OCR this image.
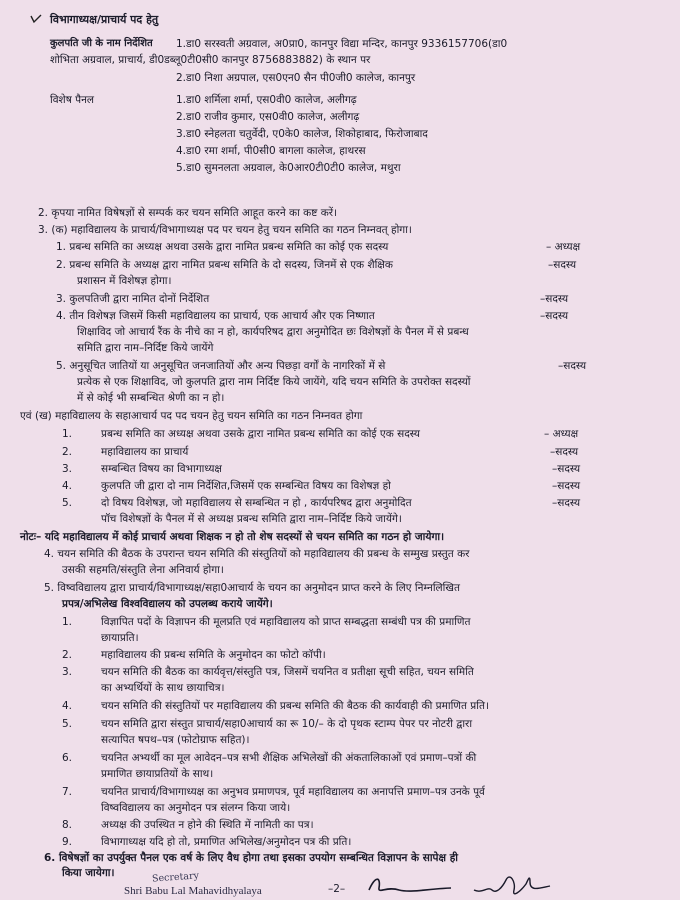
विभागाध्यक्ष/प्राचार्य पद हेतु
कुलपति जी के नाम निर्देशित 1.डा0 सरस्वती अग्रवाल, अ0प्रा0, कानपुर विद्या मन्दिर, कानपुर 9336157706(डा0
शोभिता अग्रवाल, प्राचार्य, डी0डब्लू0टी0सी0 कानपुर 8756883882) के स्थान पर
2.डा0 निशा अग्रपाल, एस0एन0 सैन पी0जी0 कालेज, कानपुर
विशेष पैनल	1.डा0 शर्मिला शर्मा, एस0वी0 कालेज, अलीगढ़
2.डा0 राजीव कुमार, एस0वी0 कालेज, अलीगढ़
3.डा0 स्नेहलता चतुर्वेदी, ए0के0 कालेज, शिकोहाबाद, फिरोजाबाद
4.डा0 रमा शर्मा, पी0सी0 बागला कालेज, हाथरस
5.डा0 सुमनलता अग्रवाल, के0आर0टी0टी0 कालेज, मथुरा
2. कृपया नामित विषेषज्ञों से सम्पर्क कर चयन समिति आहूत करने का कष्ट करें।
3. (क) महाविद्यालय के प्राचार्य/विभागाध्यक्ष पद पर चयन हेतु चयन समिति का गठन निम्नवत् होगा।
1. प्रबन्ध समिति का अध्यक्ष अथवा उसके द्वारा नामित प्रबन्ध समिति का कोई एक सदस्य	– अध्यक्ष
2. प्रबन्ध समिति के अध्यक्ष द्वारा नामित प्रबन्ध समिति के दो सदस्य, जिनमें से एक शैक्षिक	–सदस्य
प्रशासन में विशेषज्ञ होगा।
3. कुलपतिजी द्वारा नामित दोनों निर्देशित	–सदस्य
4. तीन विशेषज्ञ जिसमें किसी महाविद्यालय का प्राचार्य, एक आचार्य और एक निष्णात	–सदस्य
शिक्षाविद जो आचार्य रैंक के नीचे का न हो, कार्यपरिषद द्वारा अनुमोदित छः विशेषज्ञों के पैनल में से प्रबन्ध
समिति द्वारा नाम–निर्दिष्ट किये जायेंगे
5. अनुसूचित जातियों या अनुसूचित जनजातियों और अन्य पिछड़ा वर्गों के नागरिकों में से	–सदस्य
प्रत्येक से एक शिक्षाविद, जो कुलपति द्वारा नाम निर्दिष्ट किये जायेंगे, यदि चयन समिति के उपरोक्त सदस्यों
में से कोई भी सम्बन्धित श्रेणी का न हो।
एवं (ख) महाविद्यालय के सहाआचार्य पद पद चयन हेतु चयन समिति का गठन निम्नवत होगा
1.	प्रबन्ध समिति का अध्यक्ष अथवा उसके द्वारा नामित प्रबन्ध समिति का कोई एक सदस्य	– अध्यक्ष
2.	महाविद्यालय का प्राचार्य	–सदस्य
3.	सम्बन्धित विषय का विभागाध्यक्ष	–सदस्य
4.	कुलपति जी द्वारा दो नाम निर्देशित,जिसमें एक सम्बन्धित विषय का विशेषज्ञ हो	–सदस्य
5.	दो विषय विशेषज्ञ, जो महाविद्यालय से सम्बन्धित न हो , कार्यपरिषद द्वारा अनुमोदित	–सदस्य
पॉच विशेषज्ञों के पैनल में से अध्यक्ष प्रबन्ध समिति द्वारा नाम–निर्दिष्ट किये जायेंगे।
नोटः– यदि महाविद्यालय में कोई प्राचार्य अथवा शिक्षक न हो तो शेष सदस्यों से चयन समिति का गठन हो जायेगा।
4. चयन समिति की बैठक के उपरान्त चयन समिति की संस्तुतियों को महाविद्यालय की प्रबन्ध के सम्मुख प्रस्तुत कर
उसकी सहमति/संस्तुति लेना अनिवार्य होगा।
5. विष्वविद्यालय द्वारा प्राचार्य/विभागाध्यक्ष/सहा0आचार्य के चयन का अनुमोदन प्राप्त करने के लिए निम्नलिखित
प्रपत्र/अभिलेख विश्वविद्यालय को उपलब्ध कराये जायेंगे।
1.	विज्ञापित पदों के विज्ञापन की मूलप्रति एवं महाविद्यालय को प्राप्त सम्बद्धता सम्बंधी पत्र की प्रमाणित
छायाप्रति।
2.	महाविद्यालय की प्रबन्ध समिति के अनुमोदन का फोटो कॉपी।
3.	चयन समिति की बैठक का कार्यवृत्त/संस्तुति पत्र, जिसमें चयनित व प्रतीक्षा सूची सहित, चयन समिति
का अभ्यर्थियों के साथ छायाचित्र।
4.	चयन समिति की संस्तुतियों पर महाविद्यालय की प्रबन्ध समिति की बैठक की कार्यवाही की प्रमाणित प्रति।
5.	चयन समिति द्वारा संस्तुत प्राचार्य/सहा0आचार्य का रू 10/– के दो पृथक स्टाम्प पेपर पर नोटरी द्वारा
सत्यापित षपथ–पत्र (फोटोग्राफ सहित)।
6.	चयनित अभ्यर्थी का मूल आवेदन–पत्र सभी शैक्षिक अभिलेखों की अंकतालिकाओं एवं प्रमाण–पत्रों की
प्रमाणित छायाप्रतियों के साथ।
7.	चयनित प्राचार्य/विभागाध्यक्ष का अनुभव प्रमाणपत्र, पूर्व महाविद्यालय का अनापत्ति प्रमाण–पत्र उनके पूर्व
विष्वविद्यालय का अनुमोदन पत्र संलग्न किया जाये।
8.	अध्यक्ष की उपस्थित न होने की स्थिति में नामिती का पत्र।
9.	विभागाध्यक्ष यदि हो तो, प्रमाणित अभिलेख/अनुमोदन पत्र की प्रति।
6. विषेषज्ञों का उपर्युक्त पैनल एक वर्ष के लिए वैध होगा तथा इसका उपयोग सम्बन्धित विज्ञापन के सापेक्ष ही
किया जायेगा।	Secretary
Shri Babu Lal Mahavidhyalaya	–2–
